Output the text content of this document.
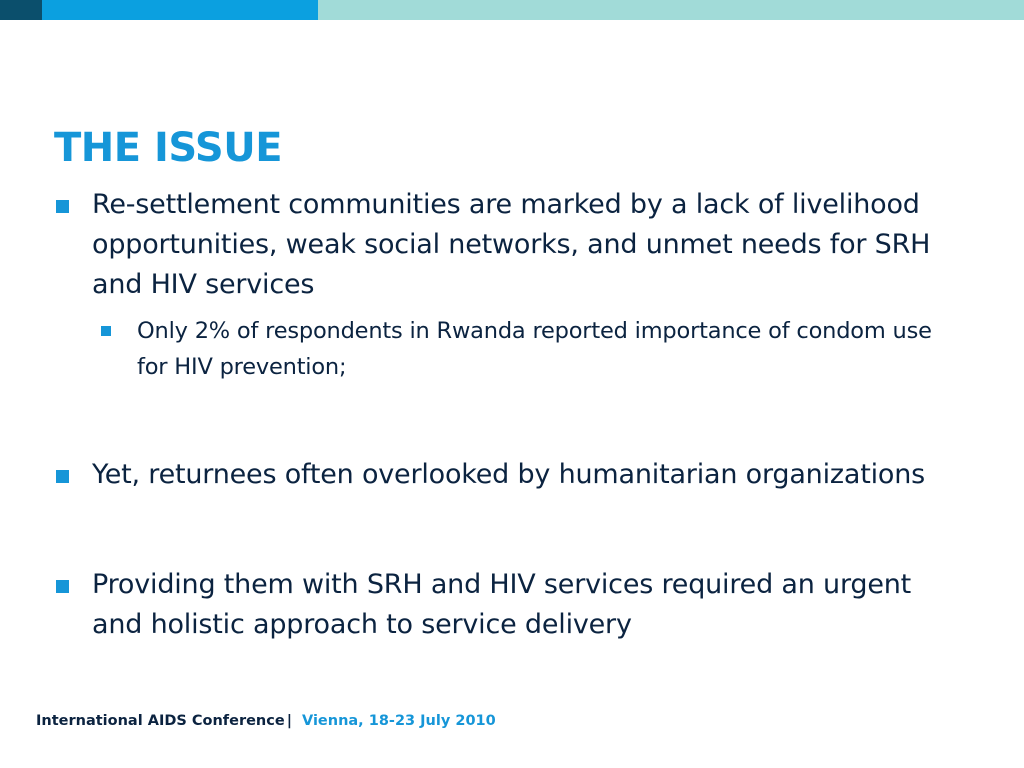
THE ISSUE
Re-settlement communities are marked by a lack of livelihood opportunities, weak social networks, and unmet needs for SRH and HIV services
Only 2% of respondents in Rwanda reported importance of condom use for HIV prevention;
Yet, returnees often overlooked by humanitarian organizations
Providing them with SRH and HIV services required an urgent and holistic approach to service delivery
International AIDS Conference | Vienna, 18-23 July 2010
